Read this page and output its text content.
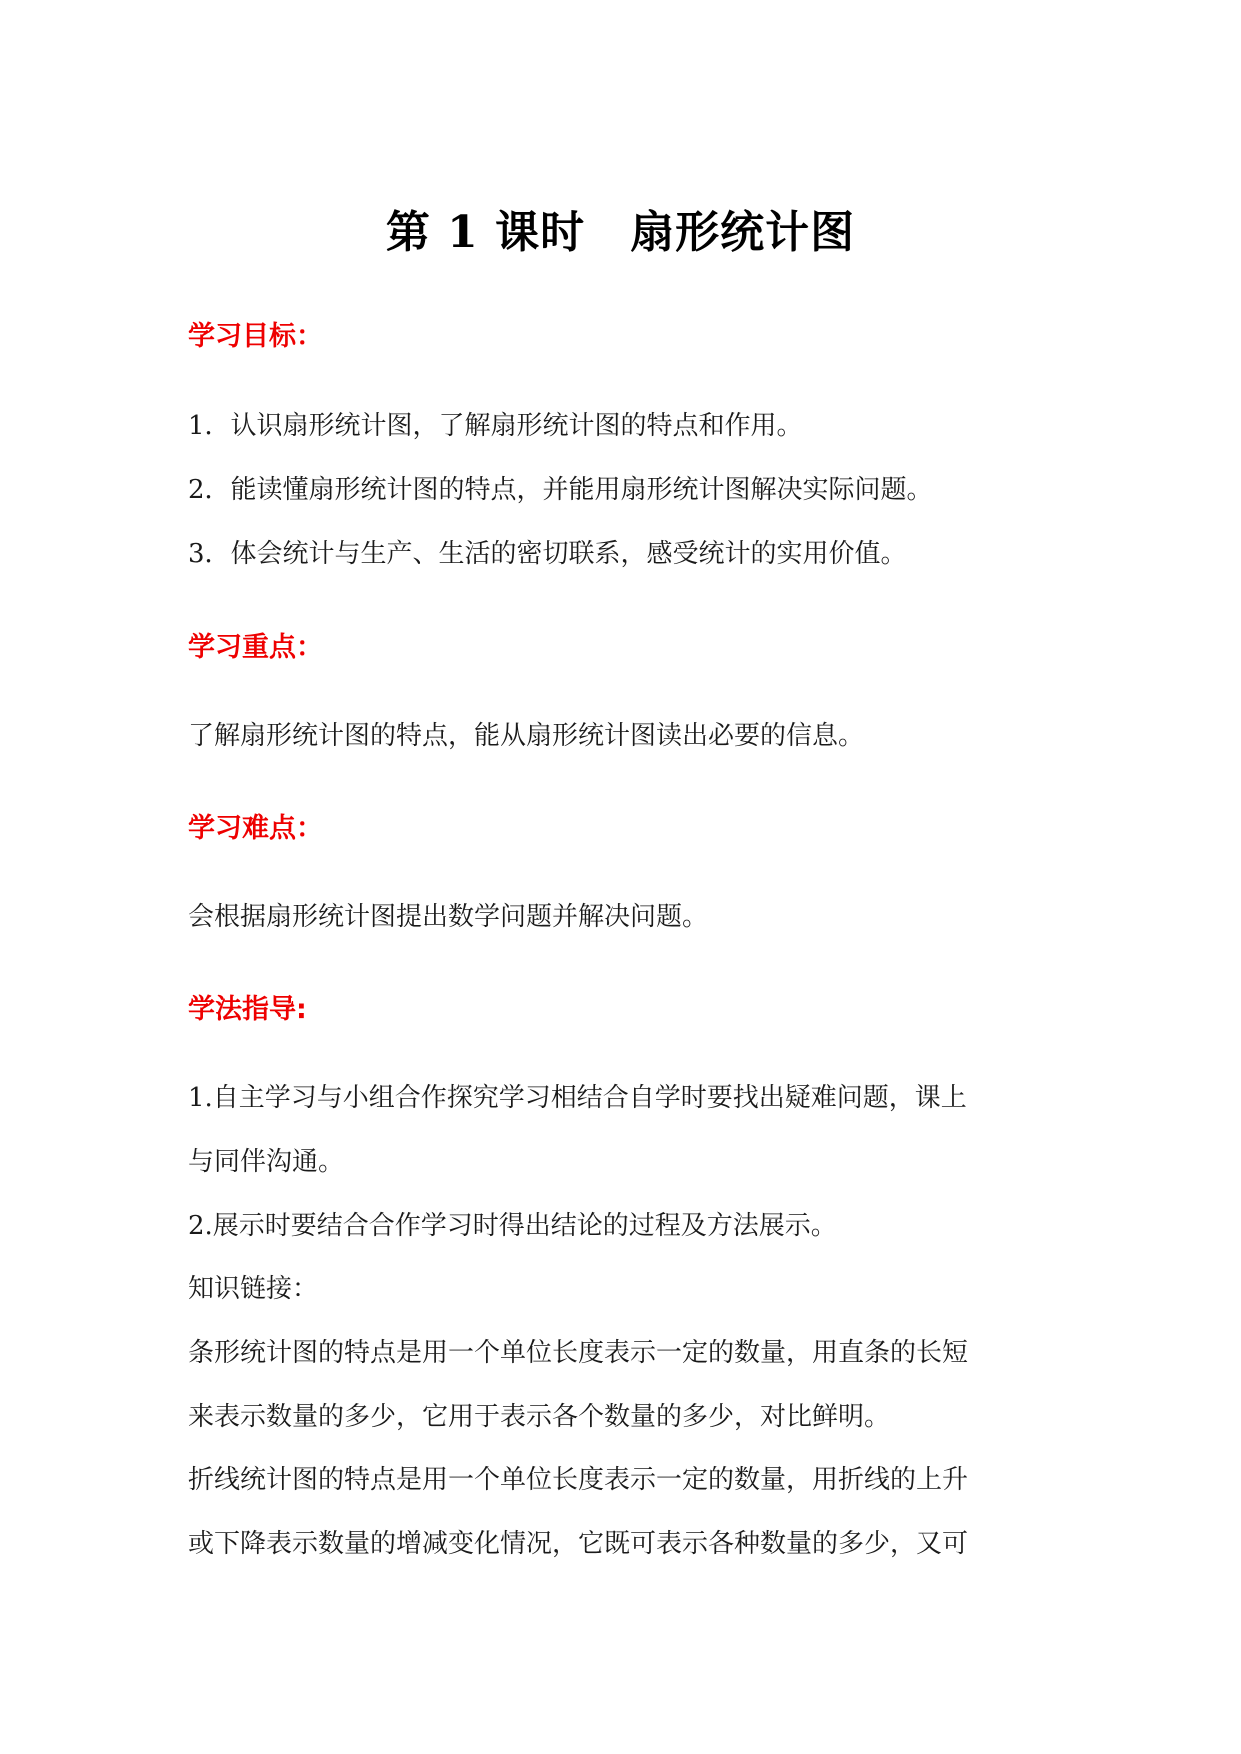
第 1 课时　扇形统计图
学习目标：
1．认识扇形统计图，了解扇形统计图的特点和作用。
2．能读懂扇形统计图的特点，并能用扇形统计图解决实际问题。
3．体会统计与生产、生活的密切联系，感受统计的实用价值。
学习重点：
了解扇形统计图的特点，能从扇形统计图读出必要的信息。
学习难点：
会根据扇形统计图提出数学问题并解决问题。
学法指导:
1.自主学习与小组合作探究学习相结合自学时要找出疑难问题，课上
与同伴沟通。
2.展示时要结合合作学习时得出结论的过程及方法展示。
知识链接：
条形统计图的特点是用一个单位长度表示一定的数量，用直条的长短
来表示数量的多少，它用于表示各个数量的多少，对比鲜明。
折线统计图的特点是用一个单位长度表示一定的数量，用折线的上升
或下降表示数量的增减变化情况，它既可表示各种数量的多少，又可
